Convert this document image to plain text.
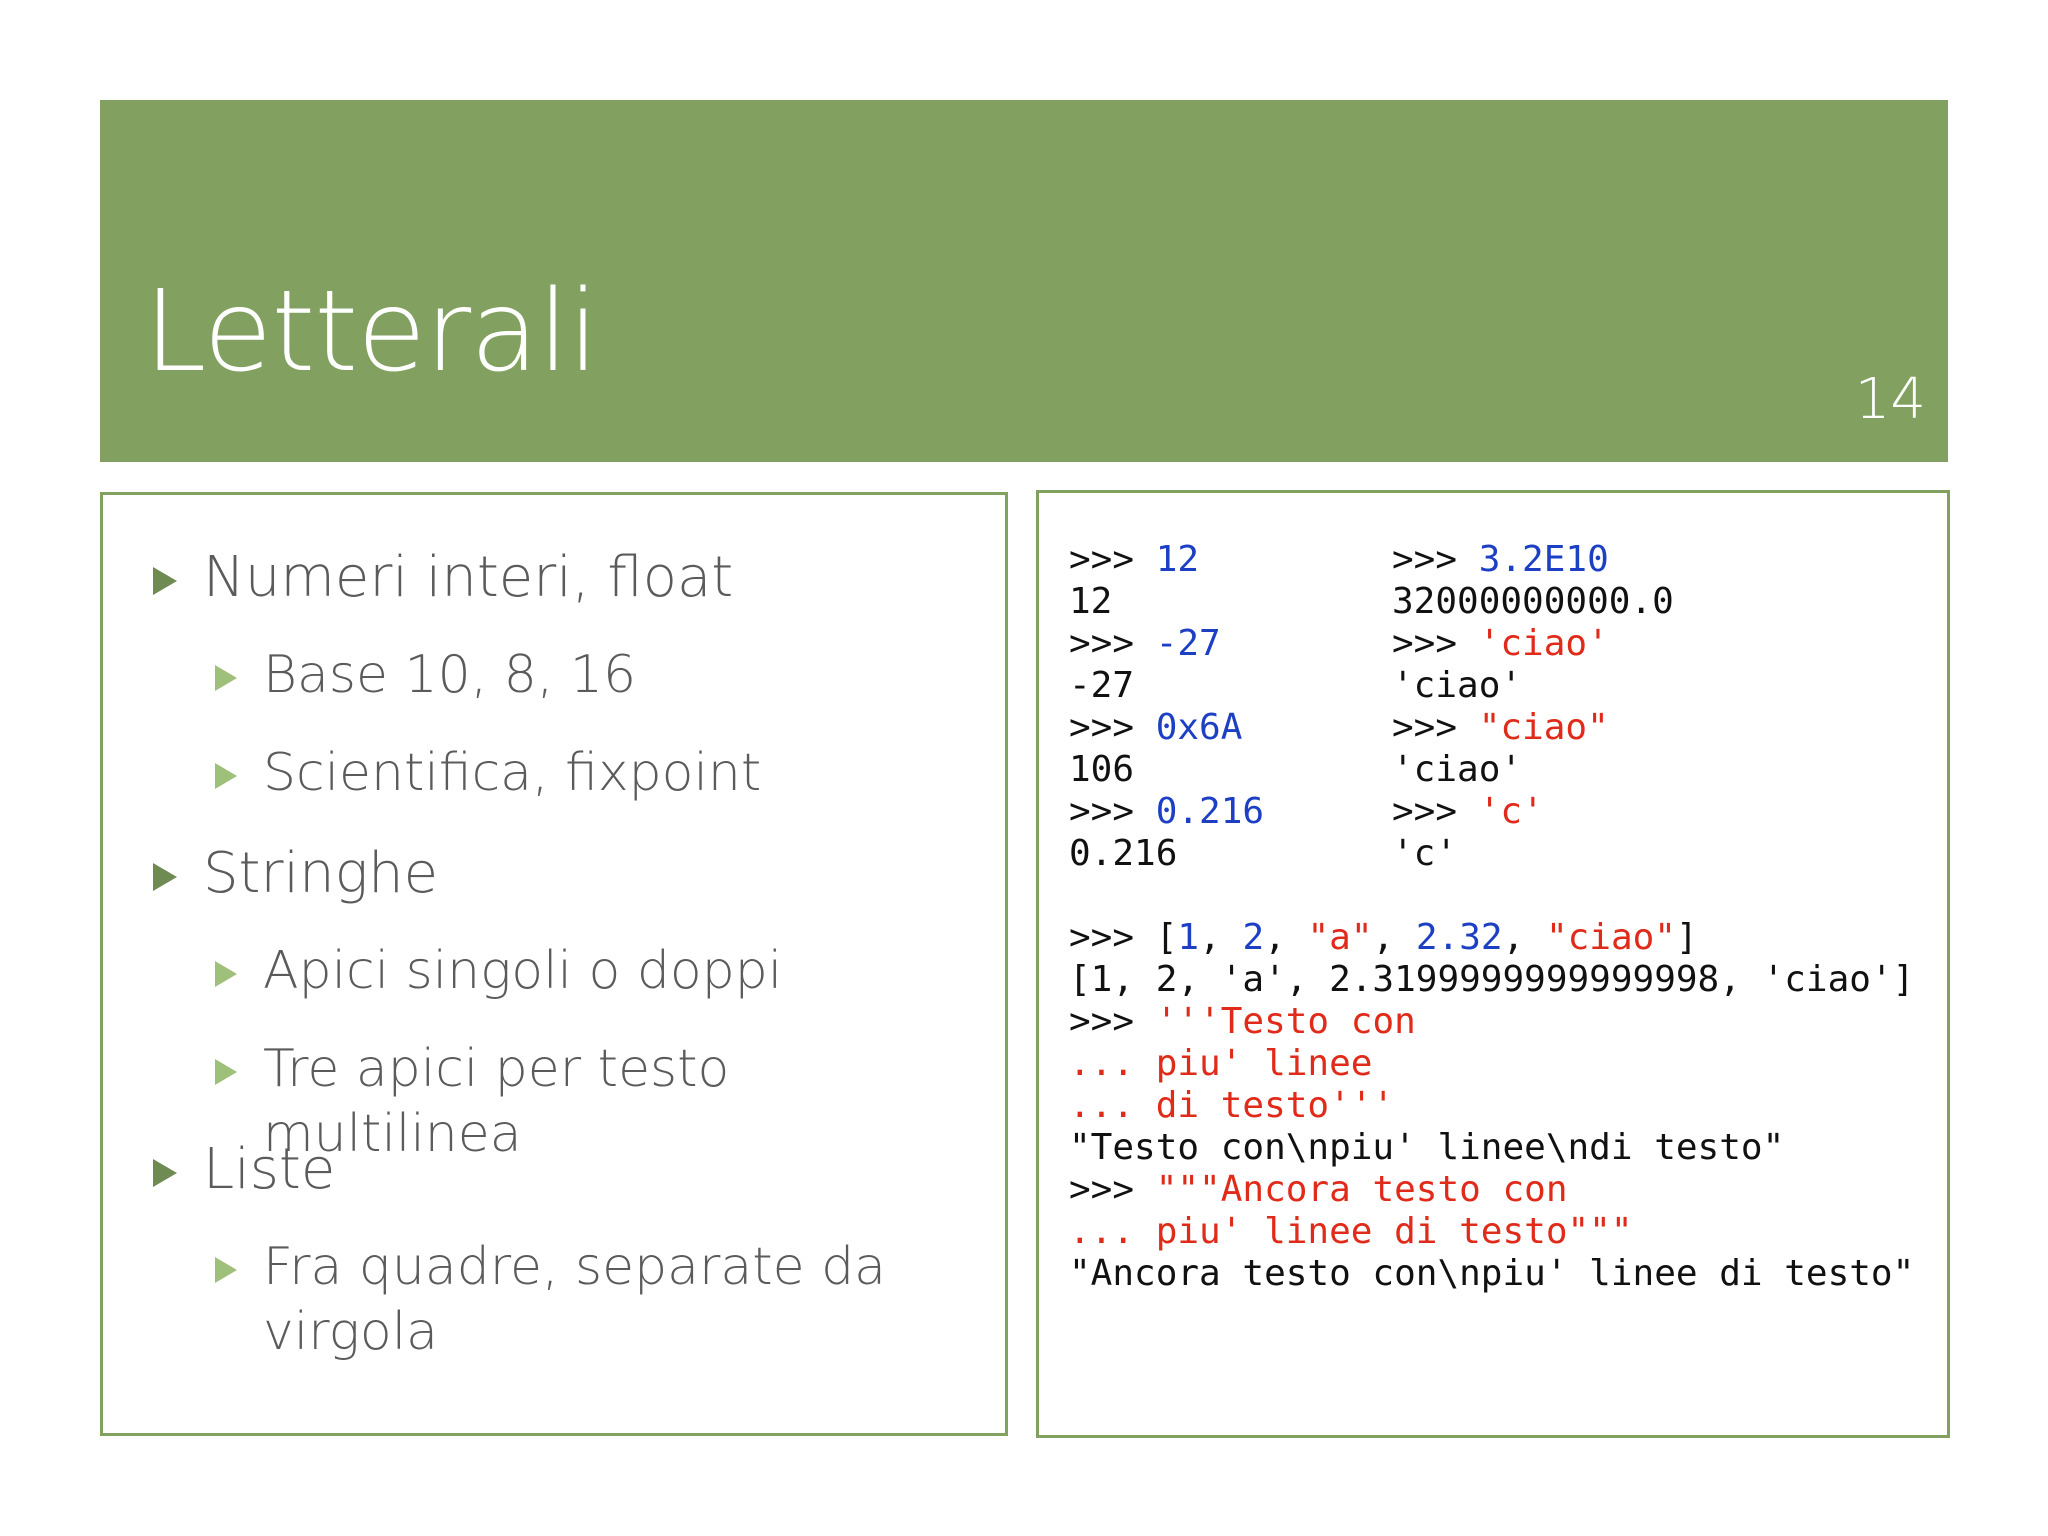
Letterali
14
Numeri interi, float
Base 10, 8, 16
Scientifica, fixpoint
Stringhe
Apici singoli o doppi
Tre apici per testo multilinea
Liste
Fra quadre, separate da virgola
>>> 12
12
>>> -27
-27
>>> 0x6A
106
>>> 0.216
0.216
>>> 3.2E10
32000000000.0
>>> 'ciao'
'ciao'
>>> "ciao"
'ciao'
>>> 'c'
'c'
>>> [1, 2, "a", 2.32, "ciao"]
[1, 2, 'a', 2.3199999999999998, 'ciao']
>>> '''Testo con
... piu' linee
... di testo'''
"Testo con\npiu' linee\ndi testo"
>>> """Ancora testo con
... piu' linee di testo"""
"Ancora testo con\npiu' linee di testo"
